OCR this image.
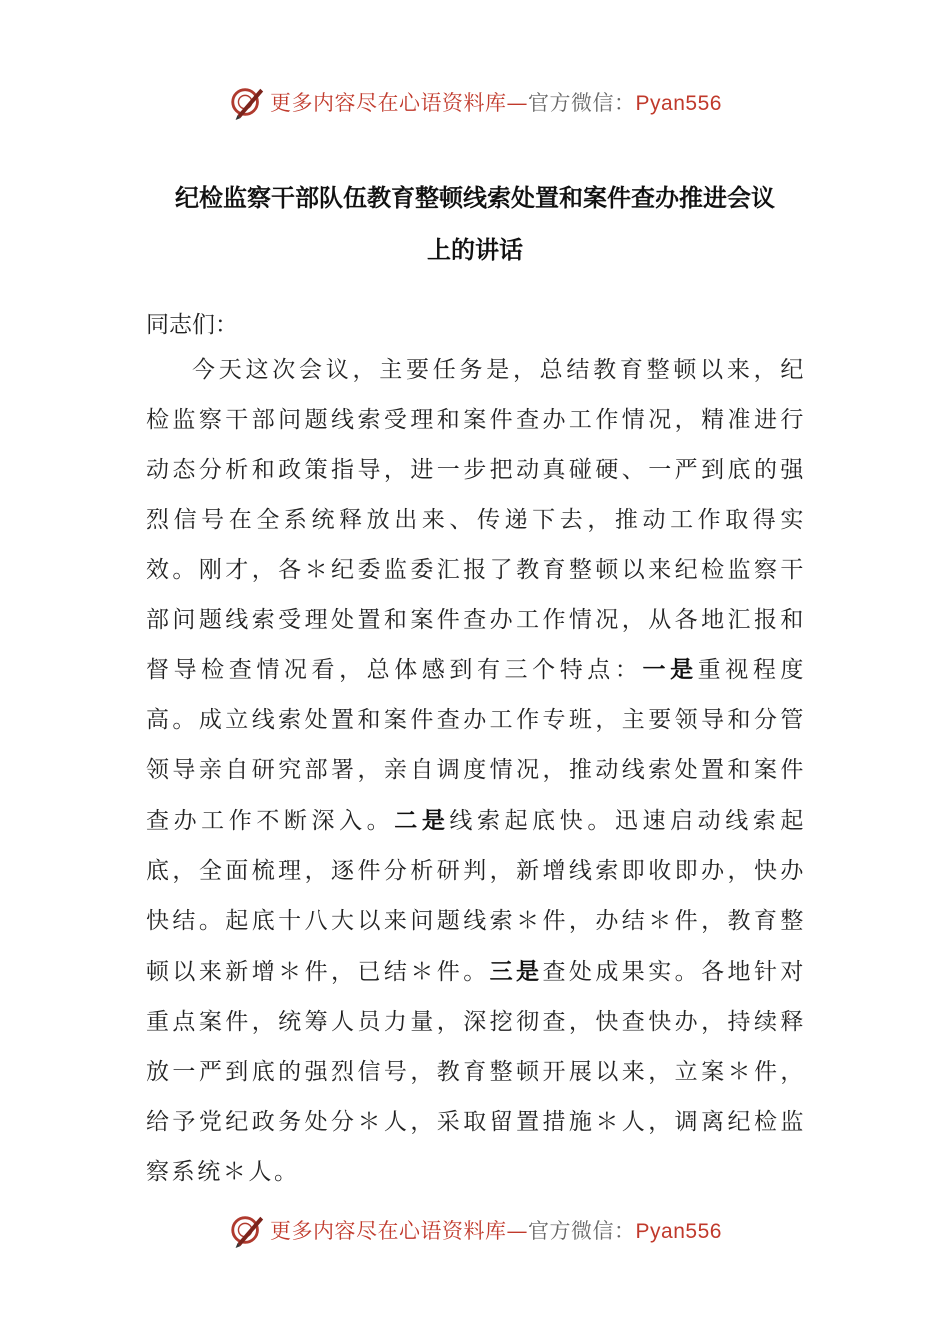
更多内容尽在心语资料库—官方微信：Pyan556
纪检监察干部队伍教育整顿线索处置和案件查办推进会议
上的讲话
同志们：

今天这次会议，主要任务是，总结教育整顿以来，纪检监察干部问题线索受理和案件查办工作情况，精准进行动态分析和政策指导，进一步把动真碰硬、一严到底的强烈信号在全系统释放出来、传递下去，推动工作取得实效。刚才，各＊纪委监委汇报了教育整顿以来纪检监察干部问题线索受理处置和案件查办工作情况，从各地汇报和督导检查情况看，总体感到有三个特点：一是重视程度高。成立线索处置和案件查办工作专班，主要领导和分管领导亲自研究部署，亲自调度情况，推动线索处置和案件查办工作不断深入。二是线索起底快。迅速启动线索起底，全面梳理，逐件分析研判，新增线索即收即办，快办快结。起底十八大以来问题线索＊件，办结＊件，教育整顿以来新增＊件，已结＊件。三是查处成果实。各地针对重点案件，统筹人员力量，深挖彻查，快查快办，持续释放一严到底的强烈信号，教育整顿开展以来，立案＊件，给予党纪政务处分＊人，采取留置措施＊人，调离纪检监察系统＊人。

更多内容尽在心语资料库—官方微信：Pyan556
